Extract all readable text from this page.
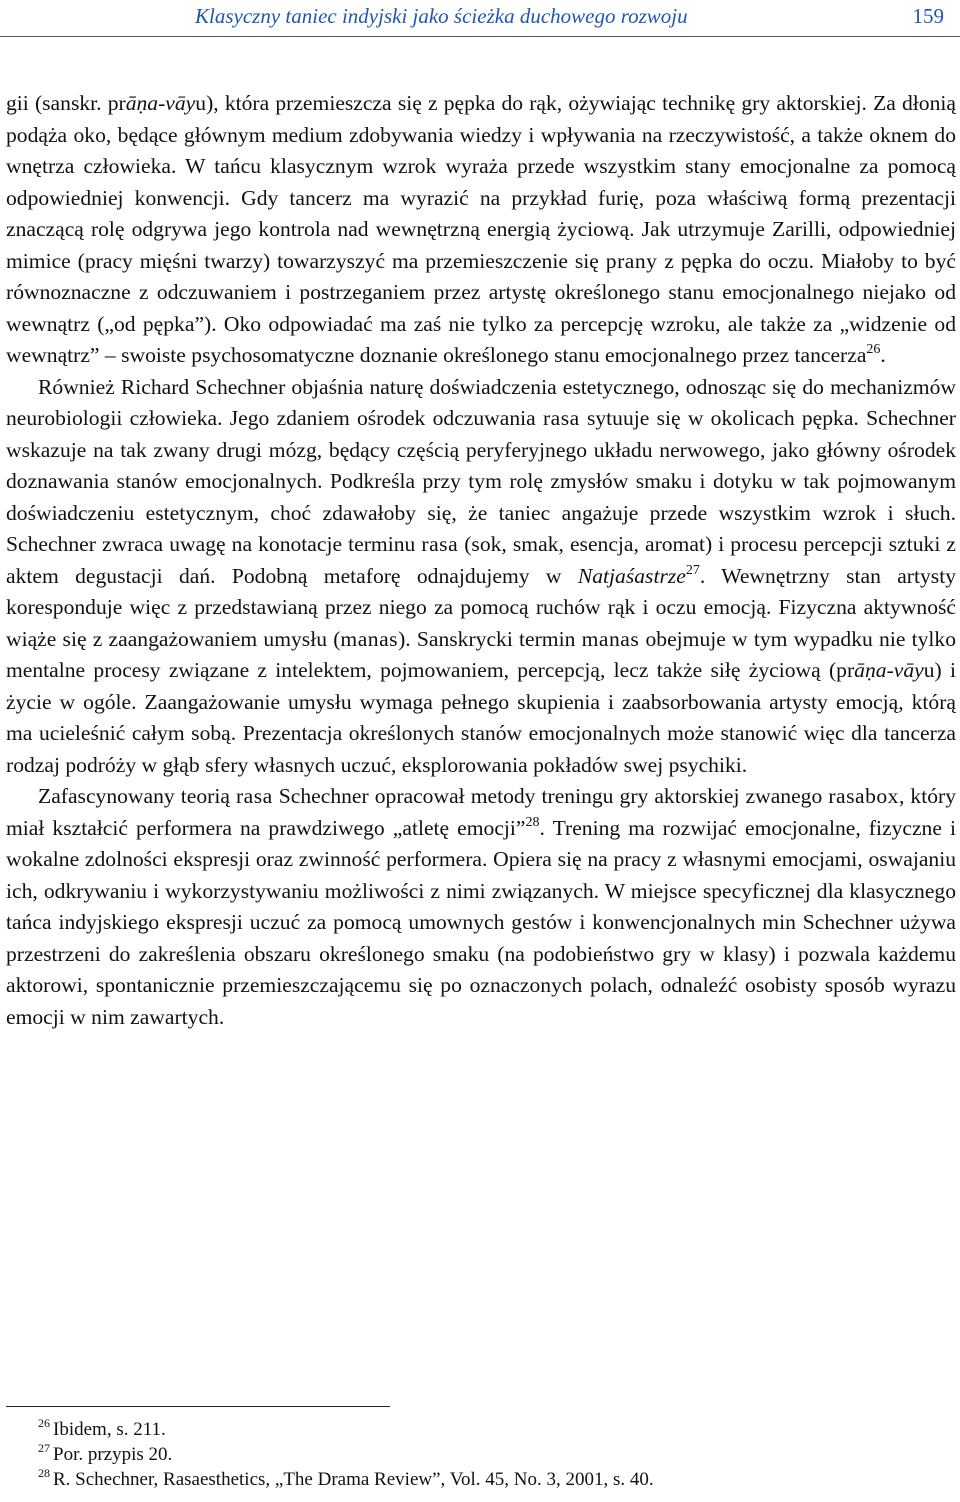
Klasyczny taniec indyjski jako ścieżka duchowego rozwoju	159

gii (sanskr. prāṇa-vāyu), która przemieszcza się z pępka do rąk, ożywiając technikę gry aktorskiej. Za dłonią podąża oko, będące głównym medium zdobywania wiedzy i wpływania na rzeczywistość, a także oknem do wnętrza człowieka. W tańcu klasycznym wzrok wyraża przede wszystkim stany emocjonalne za pomocą odpowiedniej konwencji. Gdy tancerz ma wyrazić na przykład furię, poza właściwą formą prezentacji znaczącą rolę odgrywa jego kontrola nad wewnętrzną energią życiową. Jak utrzymuje Zarilli, odpowiedniej mimice (pracy mięśni twarzy) towarzyszyć ma przemieszczenie się prany z pępka do oczu. Miałoby to być równoznaczne z odczuwaniem i postrzeganiem przez artystę określonego stanu emocjonalnego niejako od wewnątrz („od pępka”). Oko odpowiadać ma zaś nie tylko za percepcję wzroku, ale także za „widzenie od wewnątrz” – swoiste psychosomatyczne doznanie określonego stanu emocjonalnego przez tancerza$^{26}$.

Również Richard Schechner objaśnia naturę doświadczenia estetycznego, odnosząc się do mechanizmów neurobiologii człowieka. Jego zdaniem ośrodek odczuwania rasa sytuuje się w okolicach pępka. Schechner wskazuje na tak zwany drugi mózg, będący częścią peryferyjnego układu nerwowego, jako główny ośrodek doznawania stanów emocjonalnych. Podkreśla przy tym rolę zmysłów smaku i dotyku w tak pojmowanym doświadczeniu estetycznym, choć zdawałoby się, że taniec angażuje przede wszystkim wzrok i słuch. Schechner zwraca uwagę na konotacje terminu rasa (sok, smak, esencja, aromat) i procesu percepcji sztuki z aktem degustacji dań. Podobną metaforę odnajdujemy w Natjaśastrze$^{27}$. Wewnętrzny stan artysty koresponduje więc z przedstawianą przez niego za pomocą ruchów rąk i oczu emocją. Fizyczna aktywność wiąże się z zaangażowaniem umysłu (manas). Sanskrycki termin manas obejmuje w tym wypadku nie tylko mentalne procesy związane z intelektem, pojmowaniem, percepcją, lecz także siłę życiową (prāṇa-vāyu) i życie w ogóle. Zaangażowanie umysłu wymaga pełnego skupienia i zaabsorbowania artysty emocją, którą ma ucieleśnić całym sobą. Prezentacja określonych stanów emocjonalnych może stanowić więc dla tancerza rodzaj podróży w głąb sfery własnych uczuć, eksplorowania pokładów swej psychiki.

Zafascynowany teorią rasa Schechner opracował metody treningu gry aktorskiej zwanego rasabox, który miał kształcić performera na prawdziwego „atletę emocji”$^{28}$. Trening ma rozwijać emocjonalne, fizyczne i wokalne zdolności ekspresji oraz zwinność performera. Opiera się na pracy z własnymi emocjami, oswajaniu ich, odkrywaniu i wykorzystywaniu możliwości z nimi związanych. W miejsce specyficznej dla klasycznego tańca indyjskiego ekspresji uczuć za pomocą umownych gestów i konwencjonalnych min Schechner używa przestrzeni do zakreślenia obszaru określonego smaku (na podobieństwo gry w klasy) i pozwala każdemu aktorowi, spontanicznie przemieszczającemu się po oznaczonych polach, odnaleźć osobisty sposób wyrazu emocji w nim zawartych.

$^{26}$ Ibidem, s. 211.

$^{27}$ Por. przypis 20.

$^{28}$ R. Schechner, Rasaesthetics, „The Drama Review”, Vol. 45, No. 3, 2001, s. 40.
